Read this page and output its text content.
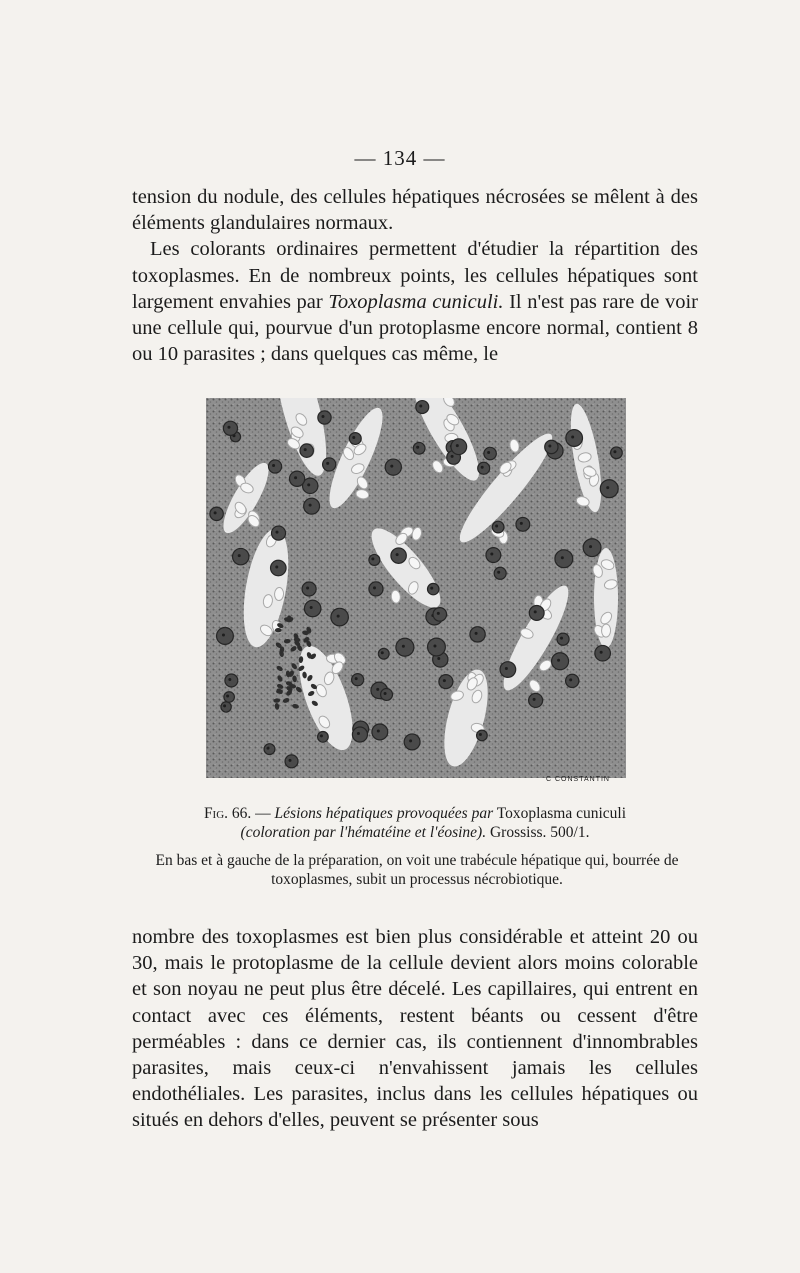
— 134 —

tension du nodule, des cellules hépatiques nécrosées se mêlent à des éléments glandulaires normaux.

Les colorants ordinaires permettent d'étudier la répartition des toxoplasmes. En de nombreux points, les cellules hépatiques sont largement envahies par Toxoplasma cuniculi. Il n'est pas rare de voir une cellule qui, pourvue d'un protoplasme encore normal, contient 8 ou 10 parasites ; dans quelques cas même, le

C CONSTANTIN
Fig. 66. — Lésions hépatiques provoquées par Toxoplasma cuniculi
(coloration par l'hématéine et l'éosine). Grossiss. 500/1.
En bas et à gauche de la préparation, on voit une trabécule hépatique qui, bourrée de toxoplasmes, subit un processus nécrobiotique.

nombre des toxoplasmes est bien plus considérable et atteint 20 ou 30, mais le protoplasme de la cellule devient alors moins colorable et son noyau ne peut plus être décelé. Les capillaires, qui entrent en contact avec ces éléments, restent béants ou cessent d'être perméables : dans ce dernier cas, ils contiennent d'innombrables parasites, mais ceux-ci n'envahissent jamais les cellules endothéliales. Les parasites, inclus dans les cellules hépatiques ou situés en dehors d'elles, peuvent se présenter sous
